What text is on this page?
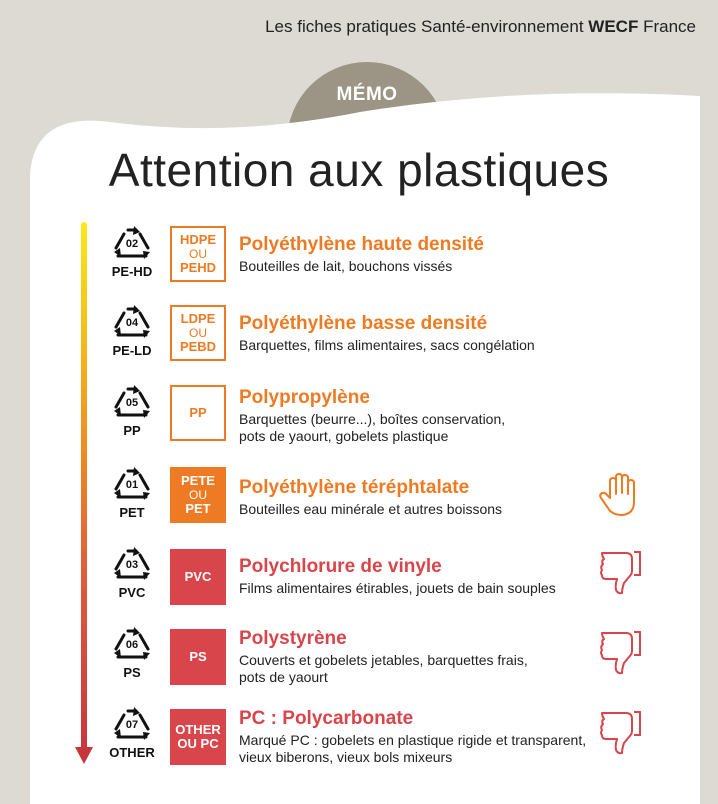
Les fiches pratiques Santé-environnement WECF France
MÉMO
Attention aux plastiques
02
PE-HD
HDPE
OU
PEHD
Polyéthylène haute densité
Bouteilles de lait, bouchons vissés
04
PE-LD
LDPE
OU
PEBD
Polyéthylène basse densité
Barquettes, films alimentaires, sacs congélation
05
PP
PP
Polypropylène
Barquettes (beurre...), boîtes conservation,
pots de yaourt, gobelets plastique
01
PET
PETE
OU
PET
Polyéthylène téréphtalate
Bouteilles eau minérale et autres boissons
03
PVC
PVC Polychlorure de vinyle
Films alimentaires étirables, jouets de bain souples
06
PS
PS
Polystyrène
Couverts et gobelets jetables, barquettes frais,
pots de yaourt
07
OTHER
OTHER
OU PC
PC : Polycarbonate
Marqué PC : gobelets en plastique rigide et transparent,
vieux biberons, vieux bols mixeurs
